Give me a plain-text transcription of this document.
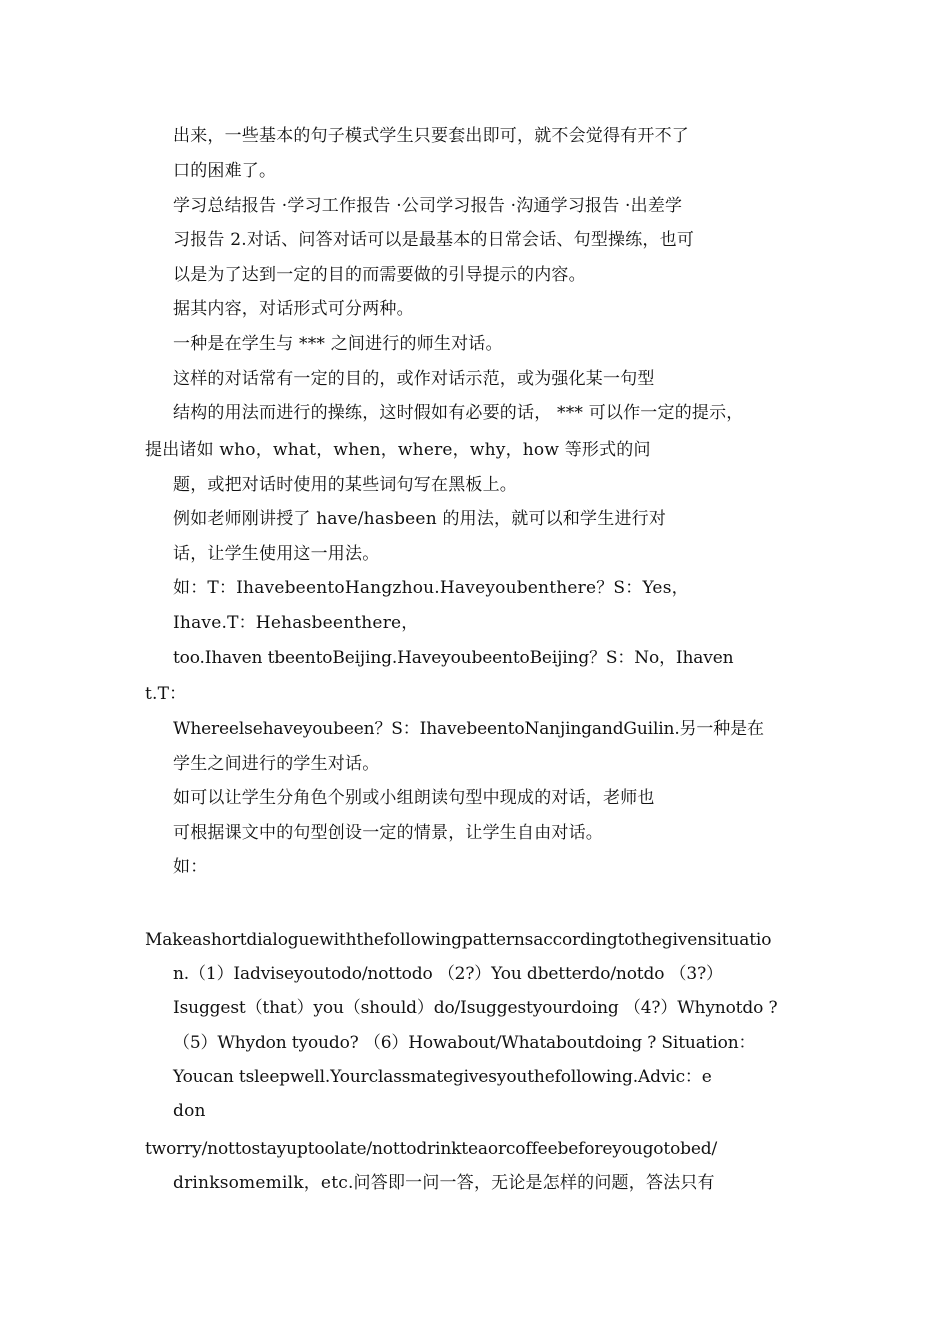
出来，一些基本的句子模式学生只要套出即可，就不会觉得有开不了
口的困难了。
学习总结报告 ·学习工作报告 ·公司学习报告 ·沟通学习报告 ·出差学
习报告 2.对话、问答对话可以是最基本的日常会话、句型操练，也可
以是为了达到一定的目的而需要做的引导提示的内容。
据其内容，对话形式可分两种。
一种是在学生与 *** 之间进行的师生对话。
这样的对话常有一定的目的，或作对话示范，或为强化某一句型
结构的用法而进行的操练，这时假如有必要的话， *** 可以作一定的提示，
提出诸如 who，what，when，where，why，how 等形式的问
题，或把对话时使用的某些词句写在黑板上。
例如老师刚讲授了 have/hasbeen 的用法，就可以和学生进行对
话，让学生使用这一用法。
如：T：IhavebeentoHangzhou.Haveyoubenthere？S：Yes，
Ihave.T：Hehasbeenthere，
too.Ihaven tbeentoBeijing.HaveyoubeentoBeijing？S：No，Ihaven
t.T：
Whereelsehaveyoubeen？S：IhavebeentoNanjingandGuilin.另一种是在
学生之间进行的学生对话。
如可以让学生分角色个别或小组朗读句型中现成的对话，老师也
可根据课文中的句型创设一定的情景，让学生自由对话。
如：
Makeashortdialoguewiththefollowingpatternsaccordingtothegivensituatio
n.（1）Iadviseyoutodo/nottodo （2?）You dbetterdo/notdo （3?）
Isuggest（that）you（should）do/Isuggestyourdoing （4?）Whynotdo ?
（5）Whydon tyoudo? （6）Howabout/Whataboutdoing ? Situation：
Youcan tsleepwell.Yourclassmategivesyouthefollowing.Advic：e
don
tworry/nottostayuptoolate/nottodrinkteaorcoffeebeforeyougotobed/
drinksomemilk，etc.问答即一问一答，无论是怎样的问题，答法只有
